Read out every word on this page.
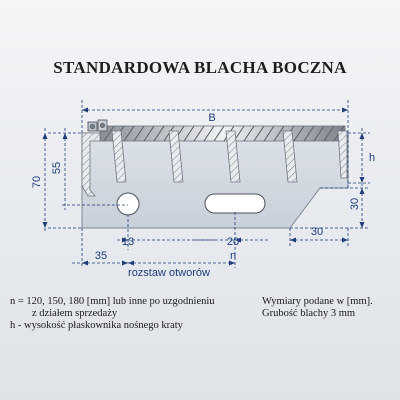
STANDARDOWA BLACHA BOCZNA
B
h
70
55
30
13	20
30
35	n
rozstaw otworów
n = 120, 150, 180 [mm] lub inne po uzgodnieniu
z działem sprzedaży
h - wysokość płaskownika nośnego kraty
Wymiary podane w [mm].
Grubość blachy 3 mm
